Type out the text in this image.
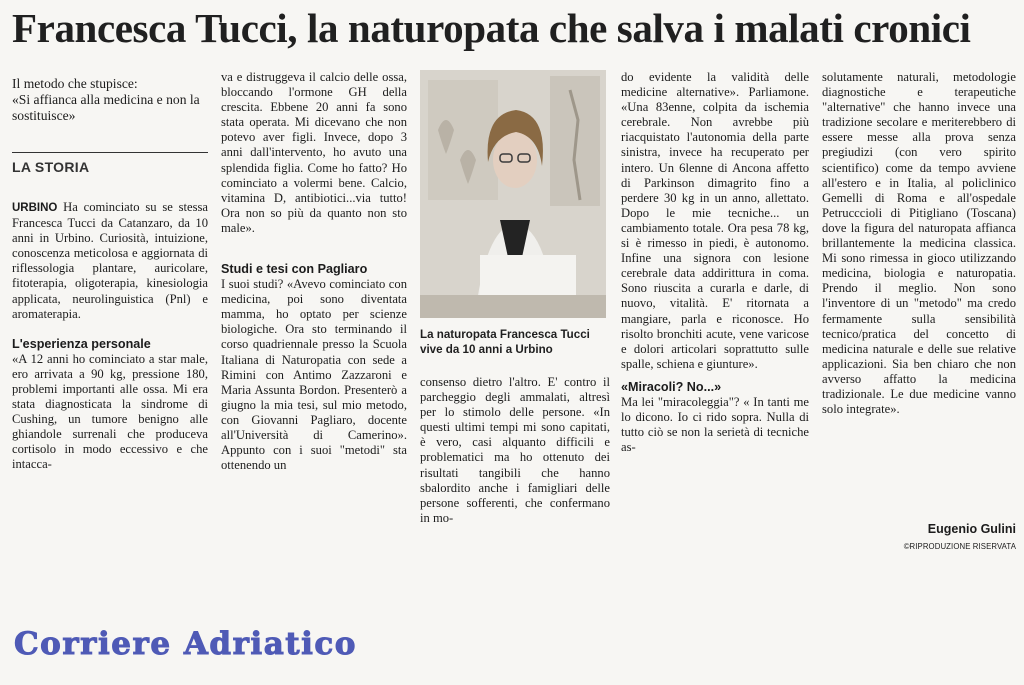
Francesca Tucci, la naturopata che salva i malati cronici
Il metodo che stupisce:
«Si affianca alla medicina e non la sostituisce»
LA STORIA

URBINO Ha cominciato su se stessa Francesca Tucci da Catanzaro, da 10 anni in Urbino. Curiosità, intuizione, conoscenza meticolosa e aggiornata di riflessologia plantare, auricolare, fitoterapia, oligoterapia, kinesiologia applicata, neurolinguistica (Pnl) e aromaterapia.

L'esperienza personale

«A 12 anni ho cominciato a star male, ero arrivata a 90 kg, pressione 180, problemi importanti alle ossa. Mi era stata diagnosticata la sindrome di Cushing, un tumore benigno alle ghiandole surrenali che produceva cortisolo in modo eccessivo e che intacca-

va e distruggeva il calcio delle ossa, bloccando l'ormone GH della crescita. Ebbene 20 anni fa sono stata operata. Mi dicevano che non potevo aver figli. Invece, dopo 3 anni dall'intervento, ho avuto una splendida figlia. Come ho fatto? Ho cominciato a volermi bene. Calcio, vitamina D, antibiotici...via tutto! Ora non so più da quanto non sto male».

Studi e tesi con Pagliaro

I suoi studi? «Avevo cominciato con medicina, poi sono diventata mamma, ho optato per scienze biologiche. Ora sto terminando il corso quadriennale presso la Scuola Italiana di Naturopatia con sede a Rimini con Antimo Zazzaroni e Maria Assunta Bordon. Presenterò a giugno la mia tesi, sul mio metodo, con Giovanni Pagliaro, docente all'Università di Camerino». Appunto con i suoi "metodi" sta ottenendo un

La naturopata Francesca Tucci vive da 10 anni a Urbino

consenso dietro l'altro. E' contro il parcheggio degli ammalati, altresì per lo stimolo delle persone. «In questi ultimi tempi mi sono capitati, è vero, casi alquanto difficili e problematici ma ho ottenuto dei risultati tangibili che hanno sbalordito anche i famigliari delle persone sofferenti, che confermano in mo-

do evidente la validità delle medicine alternative». Parliamone. «Una 83enne, colpita da ischemia cerebrale. Non avrebbe più riacquistato l'autonomia della parte sinistra, invece ha recuperato per intero. Un 6lenne di Ancona affetto di Parkinson dimagrito fino a perdere 30 kg in un anno, allettato. Dopo le mie tecniche... un cambiamento totale. Ora pesa 78 kg, si è rimesso in piedi, è autonomo. Infine una signora con lesione cerebrale data addirittura in coma. Sono riuscita a curarla e darle, di nuovo, vitalità. E' ritornata a mangiare, parla e riconosce. Ho risolto bronchiti acute, vene varicose e dolori articolari soprattutto sulle spalle, schiena e giunture».

«Miracoli? No...»

Ma lei "miracoleggia"? « In tanti me lo dicono. Io ci rido sopra. Nulla di tutto ciò se non la serietà di tecniche as-

solutamente naturali, metodologie diagnostiche e terapeutiche "alternative" che hanno invece una tradizione secolare e meriterebbero di essere messe alla prova senza pregiudizi (con vero spirito scientifico) come da tempo avviene all'estero e in Italia, al policlinico Gemelli di Roma e all'ospedale Petrucccioli di Pitigliano (Toscana) dove la figura del naturopata affianca brillantemente la medicina classica. Mi sono rimessa in gioco utilizzando medicina, biologia e naturopatia. Prendo il meglio. Non sono l'inventore di un "metodo" ma credo fermamente sulla sensibilità tecnico/pratica del concetto di medicina naturale e delle sue relative applicazioni. Sia ben chiaro che non avverso affatto la medicina tradizionale. Le due medicine vanno solo integrate».

Eugenio Gulini
©RIPRODUZIONE RISERVATA
Corriere Adriatico
